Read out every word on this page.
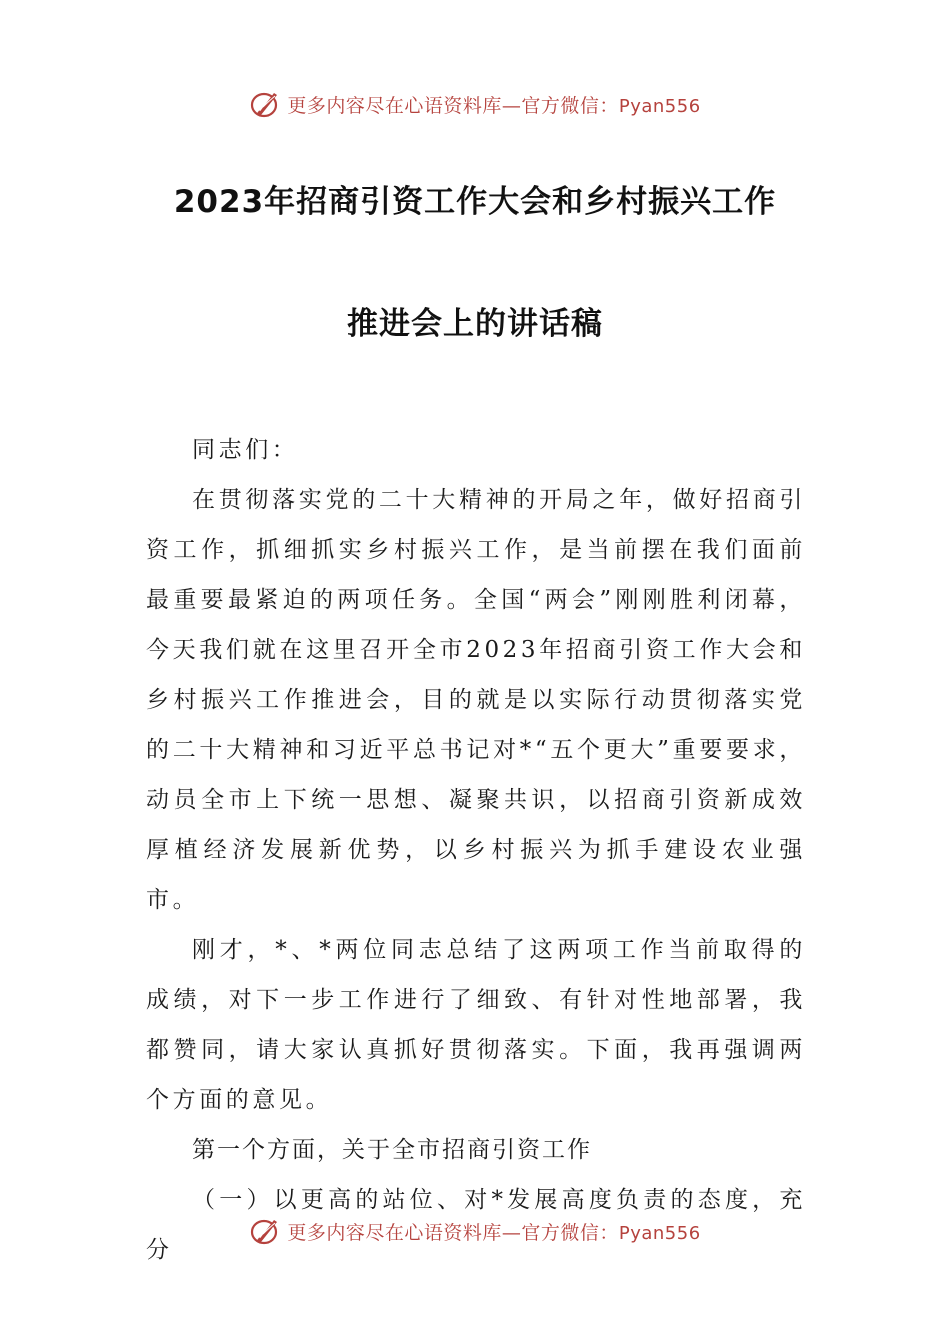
更多内容尽在心语资料库—官方微信：Pyan556
2023年招商引资工作大会和乡村振兴工作
推进会上的讲话稿

同志们：

在贯彻落实党的二十大精神的开局之年，做好招商引资工作，抓细抓实乡村振兴工作，是当前摆在我们面前最重要最紧迫的两项任务。全国“两会”刚刚胜利闭幕，今天我们就在这里召开全市2023年招商引资工作大会和乡村振兴工作推进会，目的就是以实际行动贯彻落实党的二十大精神和习近平总书记对*“五个更大”重要要求，动员全市上下统一思想、凝聚共识，以招商引资新成效厚植经济发展新优势，以乡村振兴为抓手建设农业强市。

刚才，*、*两位同志总结了这两项工作当前取得的成绩，对下一步工作进行了细致、有针对性地部署，我都赞同，请大家认真抓好贯彻落实。下面，我再强调两个方面的意见。

第一个方面，关于全市招商引资工作

（一）以更高的站位、对*发展高度负责的态度，充分

更多内容尽在心语资料库—官方微信：Pyan556
